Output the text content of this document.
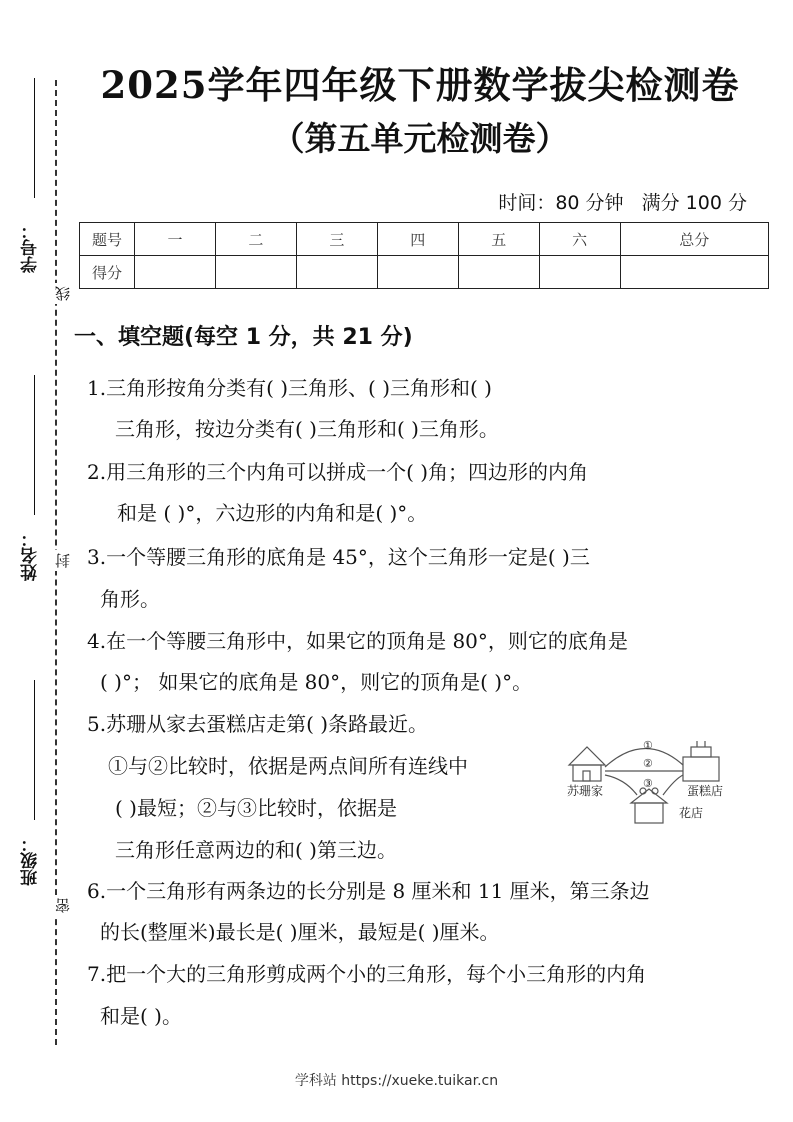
学号：
线
姓名： 封
班级：
密
2025学年四年级下册数学拔尖检测卷
（第五单元检测卷）
时间：80 分钟   满分 100 分
题号	一	二	三	四	五	六	总分
得分							
一、填空题(每空 1 分，共 21 分)
1.三角形按角分类有( )三角形、( )三角形和( )
三角形，按边分类有( )三角形和( )三角形。
2.用三角形的三个内角可以拼成一个( )角；四边形的内角
和是 ( )°，六边形的内角和是( )°。
3.一个等腰三角形的底角是 45°，这个三角形一定是( )三
角形。
4.在一个等腰三角形中，如果它的顶角是 80°，则它的底角是
( )°； 如果它的底角是 80°，则它的顶角是( )°。
5.苏珊从家去蛋糕店走第( )条路最近。
①与②比较时，依据是两点间所有连线中
( )最短；②与③比较时，依据是
三角形任意两边的和( )第三边。
6.一个三角形有两条边的长分别是 8 厘米和 11 厘米，第三条边
的长(整厘米)最长是( )厘米，最短是( )厘米。
7.把一个大的三角形剪成两个小的三角形，每个小三角形的内角
和是( )。
①
②
③
苏珊家	蛋糕店
花店
学科站 https://xueke.tuikar.cn
